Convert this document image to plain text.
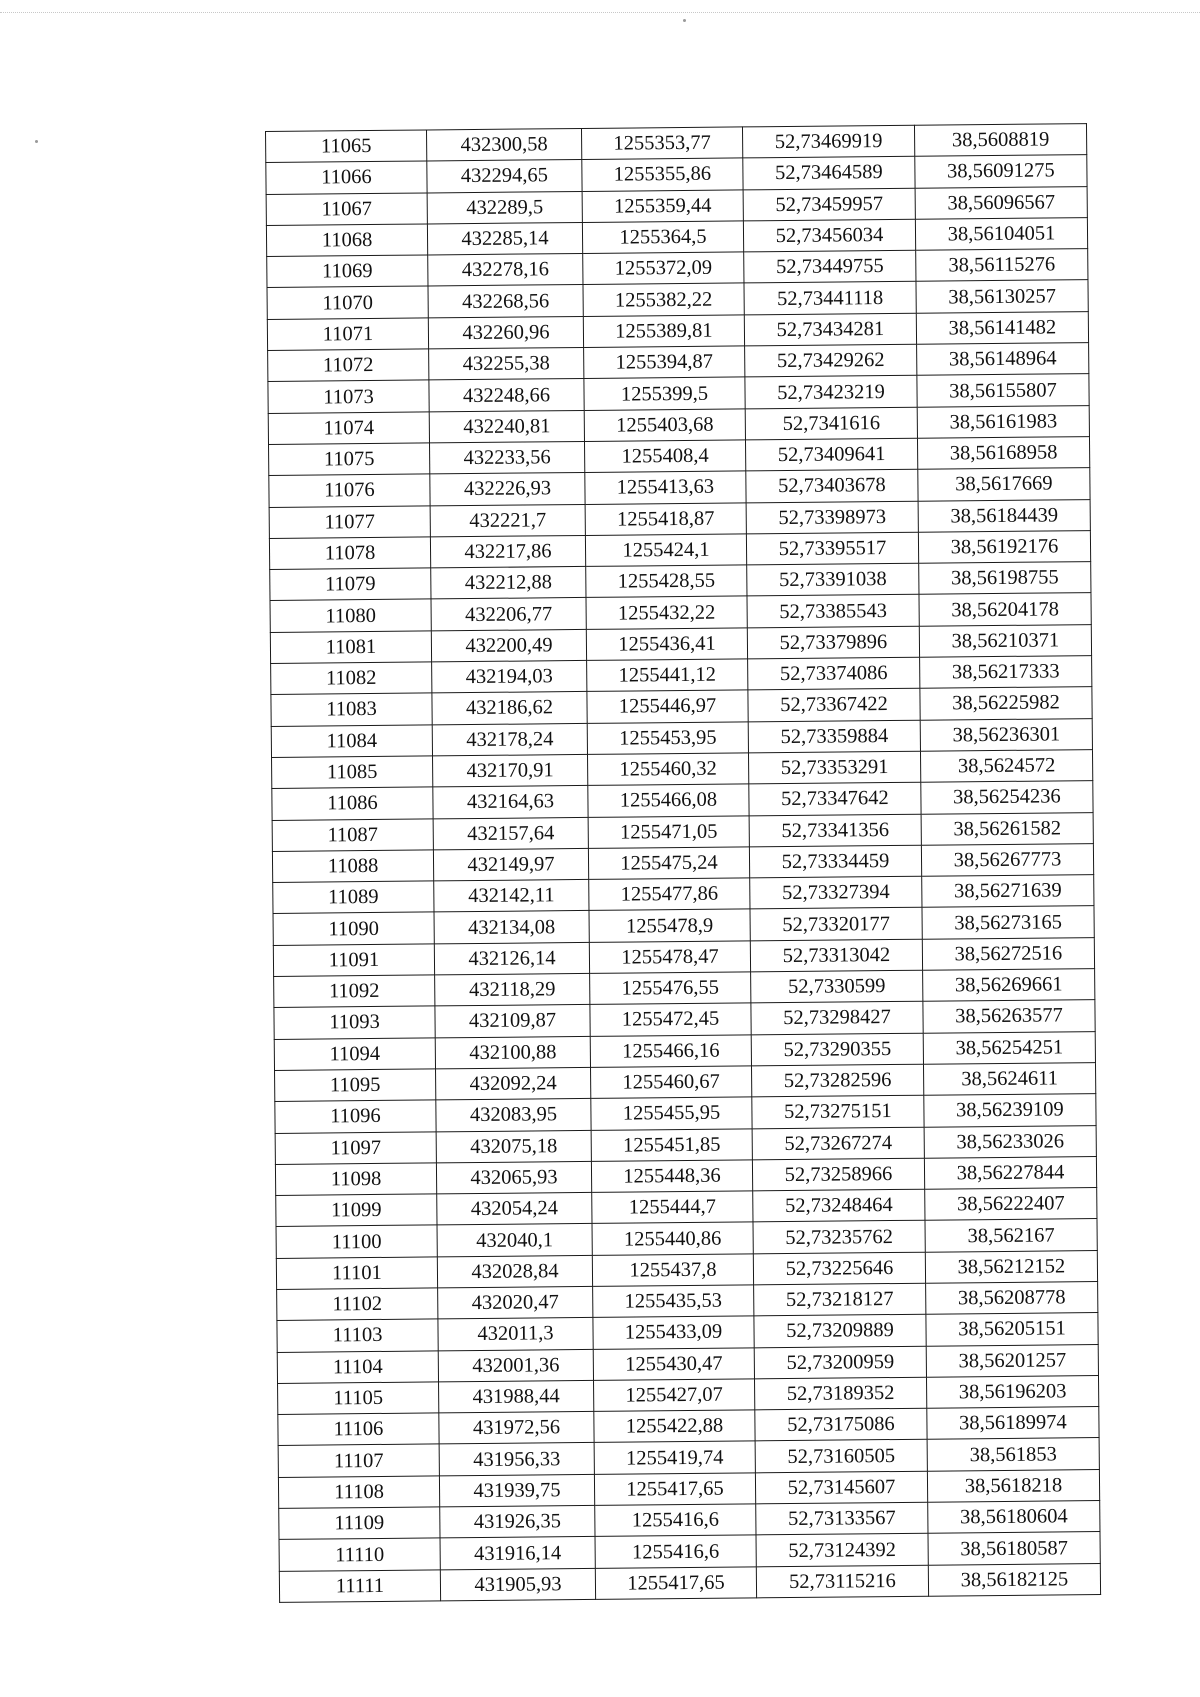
11065	432300,58	1255353,77	52,73469919	38,5608819
11066	432294,65	1255355,86	52,73464589	38,56091275
11067	432289,5	1255359,44	52,73459957	38,56096567
11068	432285,14	1255364,5	52,73456034	38,56104051
11069	432278,16	1255372,09	52,73449755	38,56115276
11070	432268,56	1255382,22	52,73441118	38,56130257
11071	432260,96	1255389,81	52,73434281	38,56141482
11072	432255,38	1255394,87	52,73429262	38,56148964
11073	432248,66	1255399,5	52,73423219	38,56155807
11074	432240,81	1255403,68	52,7341616	38,56161983
11075	432233,56	1255408,4	52,73409641	38,56168958
11076	432226,93	1255413,63	52,73403678	38,5617669
11077	432221,7	1255418,87	52,73398973	38,56184439
11078	432217,86	1255424,1	52,73395517	38,56192176
11079	432212,88	1255428,55	52,73391038	38,56198755
11080	432206,77	1255432,22	52,73385543	38,56204178
11081	432200,49	1255436,41	52,73379896	38,56210371
11082	432194,03	1255441,12	52,73374086	38,56217333
11083	432186,62	1255446,97	52,73367422	38,56225982
11084	432178,24	1255453,95	52,73359884	38,56236301
11085	432170,91	1255460,32	52,73353291	38,5624572
11086	432164,63	1255466,08	52,73347642	38,56254236
11087	432157,64	1255471,05	52,73341356	38,56261582
11088	432149,97	1255475,24	52,73334459	38,56267773
11089	432142,11	1255477,86	52,73327394	38,56271639
11090	432134,08	1255478,9	52,73320177	38,56273165
11091	432126,14	1255478,47	52,73313042	38,56272516
11092	432118,29	1255476,55	52,7330599	38,56269661
11093	432109,87	1255472,45	52,73298427	38,56263577
11094	432100,88	1255466,16	52,73290355	38,56254251
11095	432092,24	1255460,67	52,73282596	38,5624611
11096	432083,95	1255455,95	52,73275151	38,56239109
11097	432075,18	1255451,85	52,73267274	38,56233026
11098	432065,93	1255448,36	52,73258966	38,56227844
11099	432054,24	1255444,7	52,73248464	38,56222407
11100	432040,1	1255440,86	52,73235762	38,562167
11101	432028,84	1255437,8	52,73225646	38,56212152
11102	432020,47	1255435,53	52,73218127	38,56208778
11103	432011,3	1255433,09	52,73209889	38,56205151
11104	432001,36	1255430,47	52,73200959	38,56201257
11105	431988,44	1255427,07	52,73189352	38,56196203
11106	431972,56	1255422,88	52,73175086	38,56189974
11107	431956,33	1255419,74	52,73160505	38,561853
11108	431939,75	1255417,65	52,73145607	38,5618218
11109	431926,35	1255416,6	52,73133567	38,56180604
11110	431916,14	1255416,6	52,73124392	38,56180587
11111	431905,93	1255417,65	52,73115216	38,56182125
